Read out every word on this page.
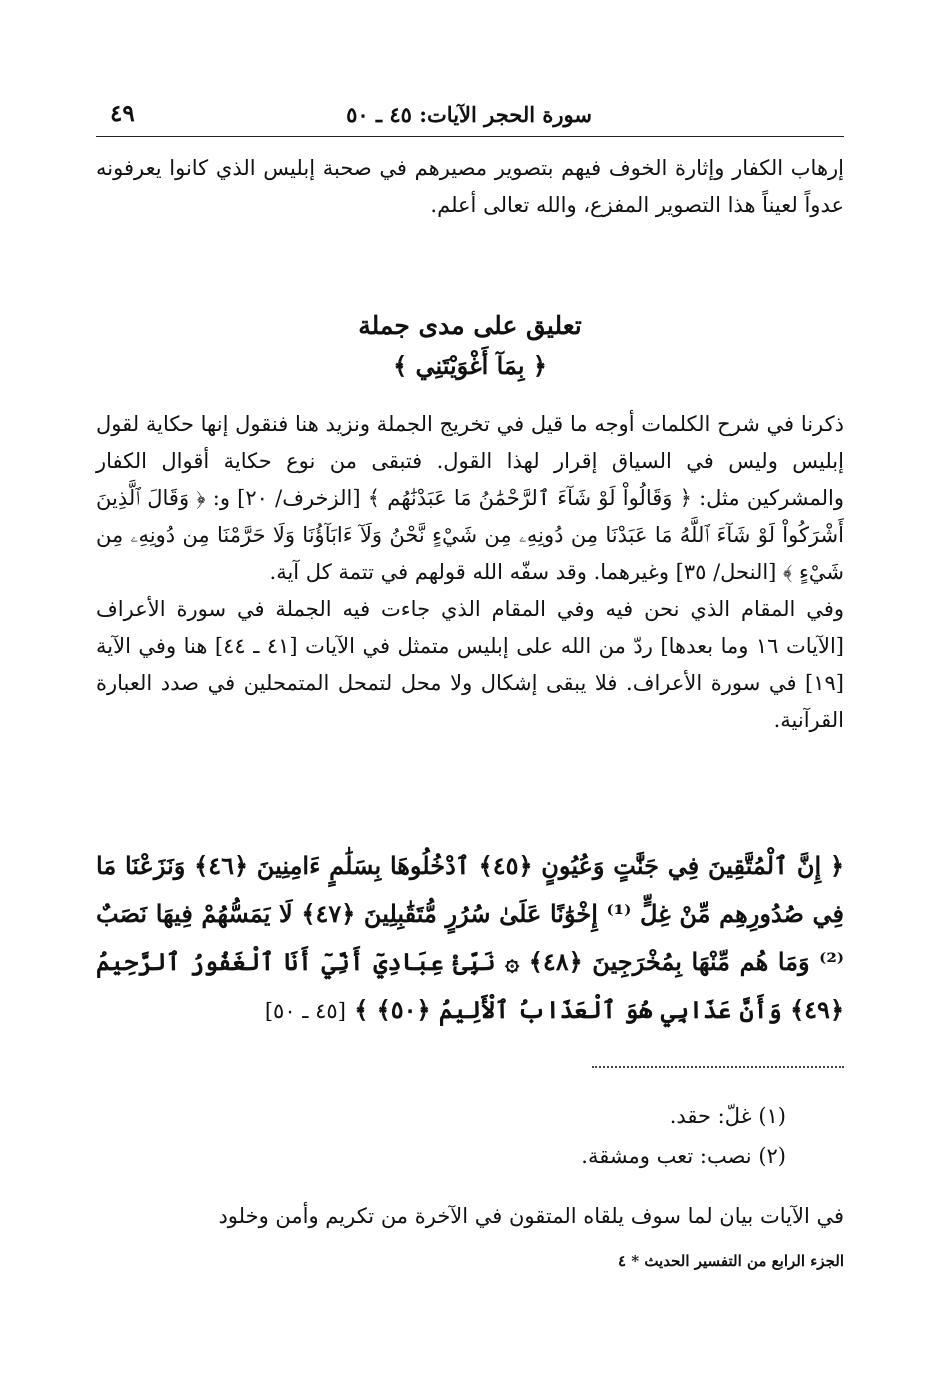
سورة الحجر الآيات: ٤٥ ـ ٥٠
٤٩

إرهاب الكفار وإثارة الخوف فيهم بتصوير مصيرهم في صحبة إبليس الذي كانوا يعرفونه عدواً لعيناً هذا التصوير المفزع، والله تعالى أعلم.

تعليق على مدى جملة
﴿ بِمَآ أَغْوَيْتَنِي ﴾

ذكرنا في شرح الكلمات أوجه ما قيل في تخريج الجملة ونزيد هنا فنقول إنها حكاية لقول إبليس وليس في السياق إقرار لهذا القول. فتبقى من نوع حكاية أقوال الكفار والمشركين مثل: ﴿ وَقَالُواْ لَوْ شَآءَ ٱلرَّحْمَٰنُ مَا عَبَدْنَٰهُم ﴾ [الزخرف/ ٢٠] و: ﴿ وَقَالَ ٱلَّذِينَ أَشْرَكُواْ لَوْ شَآءَ ٱللَّهُ مَا عَبَدْنَا مِن دُونِهِۦ مِن شَيْءٍ نَّحْنُ وَلَآ ءَابَآؤُنَا وَلَا حَرَّمْنَا مِن دُونِهِۦ مِن شَيْءٍ ﴾ [النحل/ ٣٥] وغيرهما. وقد سفّه الله قولهم في تتمة كل آية.

وفي المقام الذي نحن فيه وفي المقام الذي جاءت فيه الجملة في سورة الأعراف [الآيات ١٦ وما بعدها] ردّ من الله على إبليس متمثل في الآيات [٤١ ـ ٤٤] هنا وفي الآية [١٩] في سورة الأعراف. فلا يبقى إشكال ولا محل لتمحل المتمحلين في صدد العبارة القرآنية.

﴿ إِنَّ ٱلْمُتَّقِينَ فِي جَنَّٰتٍ وَعُيُونٍ ﴿٤٥﴾ ٱدْخُلُوهَا بِسَلَٰمٍ ءَامِنِينَ ﴿٤٦﴾ وَنَزَعْنَا مَا فِي صُدُورِهِم مِّنْ غِلٍّ ⁽¹⁾ إِخْوَٰنًا عَلَىٰ سُرُرٍ مُّتَقَٰبِلِينَ ﴿٤٧﴾ لَا يَمَسُّهُمْ فِيهَا نَصَبٌ ⁽²⁾ وَمَا هُم مِّنْهَا بِمُخْرَجِينَ ﴿٤٨﴾ ۞ نَبِّئْ عِبَادِيٓ أَنِّيٓ أَنَا ٱلْغَفُورُ ٱلرَّحِيمُ ﴿٤٩﴾ وَأَنَّ عَذَابِي هُوَ ٱلْعَذَابُ ٱلْأَلِيمُ ﴿٥٠﴾ ﴾ [٤٥ ـ ٥٠]
(١) غلّ: حقد.
(٢) نصب: تعب ومشقة.

في الآيات بيان لما سوف يلقاه المتقون في الآخرة من تكريم وأمن وخلود

الجزء الرابع من التفسير الحديث * ٤
